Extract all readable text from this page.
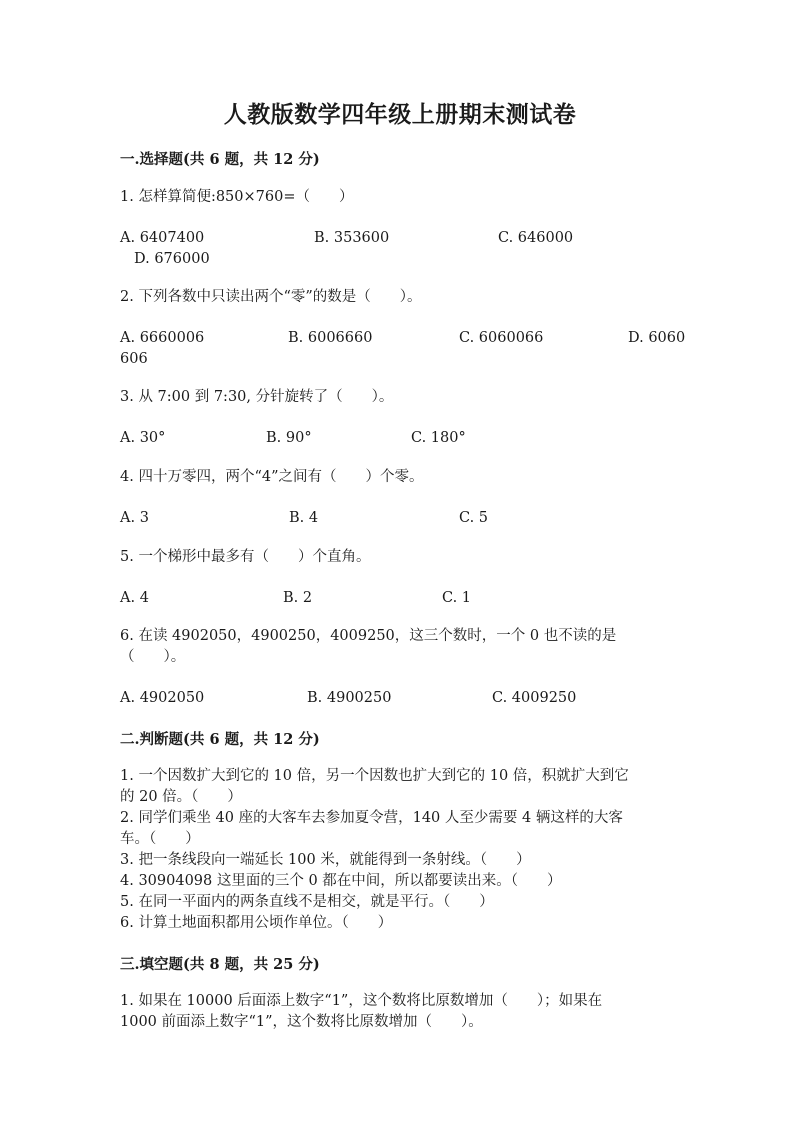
人教版数学四年级上册期末测试卷
一.选择题(共 6 题，共 12 分)
1. 怎样算简便:850×760=（　　）
A. 6407400	B. 353600	C. 646000
D. 676000
2. 下列各数中只读出两个“零”的数是（　　）。
A. 6660006	B. 6006660	C. 6060066	D. 6060
606
3. 从 7:00 到 7:30, 分针旋转了（　　）。
A. 30°	B. 90°	C. 180°
4. 四十万零四，两个“4”之间有（　　）个零。
A. 3	B. 4	C. 5
5. 一个梯形中最多有（　　）个直角。
A. 4	B. 2	C. 1
6. 在读 4902050，4900250，4009250，这三个数时，一个 0 也不读的是
（　　）。
A. 4902050	B. 4900250	C. 4009250
二.判断题(共 6 题，共 12 分)
1. 一个因数扩大到它的 10 倍，另一个因数也扩大到它的 10 倍，积就扩大到它
的 20 倍。（　　）
2. 同学们乘坐 40 座的大客车去参加夏令营，140 人至少需要 4 辆这样的大客
车。（　　）
3. 把一条线段向一端延长 100 米，就能得到一条射线。（　　）
4. 30904098 这里面的三个 0 都在中间，所以都要读出来。（　　）
5. 在同一平面内的两条直线不是相交，就是平行。（　　）
6. 计算土地面积都用公顷作单位。（　　）
三.填空题(共 8 题，共 25 分)
1. 如果在 10000 后面添上数字“1”，这个数将比原数增加（　　）；如果在
1000 前面添上数字“1”，这个数将比原数增加（　　）。
